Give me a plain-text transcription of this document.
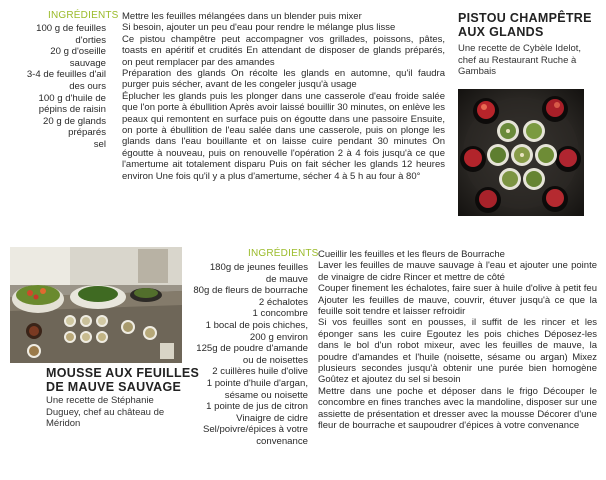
INGRÉDIENTS
100 g de feuilles
d'orties
20 g d'oseille
sauvage
3-4 de feuilles d'ail
des ours
100 g d'huile de
pépins de raisin
20 g de glands
préparés
sel

Mettre les feuilles mélangées dans un blender puis mixer

Si besoin, ajouter un peu d'eau pour rendre le mélange plus lisse

Ce pistou champêtre peut accompagner vos grillades, poissons, pâtes, toasts en apéritif et crudités En attendant de disposer de glands préparés, on peut remplacer par des amandes

Préparation des glands On récolte les glands en automne, qu'il faudra purger puis sécher, avant de les congeler jusqu'à usage

Éplucher les glands puis les plonger dans une casserole d'eau froide salée que l'on porte à ébullition Après avoir laissé bouillir 30 minutes, on enlève les peaux qui remontent en surface puis on égoutte dans une passoire Ensuite, on porte à ébullition de l'eau salée dans une casserole, puis on plonge les glands dans l'eau bouillante et on laisse cuire pendant 30 minutes On égoutte à nouveau, puis on renouvelle l'opération 2 à 4 fois jusqu'à ce que l'amertume ait totalement disparu Puis on fait sécher les glands 12 heures environ Une fois qu'il y a plus d'amertume, sécher 4 à 5 h au four à 80°

PISTOU CHAMPÊTRE
AUX GLANDS
Une recette de Cybèle Idelot,
chef au Restaurant Ruche à
Gambais
MOUSSE AUX FEUILLES
DE MAUVE SAUVAGE
Une recette de Stéphanie
Duguey, chef au château de
Méridon
INGRÉDIENTS
180g de jeunes feuilles
de mauve
80g de fleurs de bourrache
2 échalotes
1 concombre
1 bocal de pois chiches,
200 g environ
125g de poudre d'amande
ou de noisettes
2 cuillères huile d'olive
1 pointe d'huile d'argan,
sésame ou noisette
1 pointe de jus de citron
Vinaigre de cidre
Sel/poivre/épices à votre
convenance

Cueillir les feuilles et les fleurs de Bourrache

Laver les feuilles de mauve sauvage à l'eau et ajouter une pointe de vinaigre de cidre Rincer et mettre de côté

Couper finement les échalotes, faire suer à huile d'olive à petit feu Ajouter les feuilles de mauve, couvrir, étuver jusqu'à ce que la feuille soit tendre et laisser refroidir

Si vos feuilles sont en pousses, il suffit de les rincer et les éponger sans les cuire Egoutez les pois chiches Déposez-les dans le bol d'un robot mixeur, avec les feuilles de mauve, la poudre d'amandes et l'huile (noisette, sésame ou argan) Mixez plusieurs secondes jusqu'à obtenir une purée bien homogène Goûtez et ajoutez du sel si besoin

Mettre dans une poche et déposer dans le frigo Découper le concombre en fines tranches avec la mandoline, disposer sur une assiette de présentation et dresser avec la mousse Décorer d'une fleur de bourrache et saupoudrer d'épices à votre convenance
